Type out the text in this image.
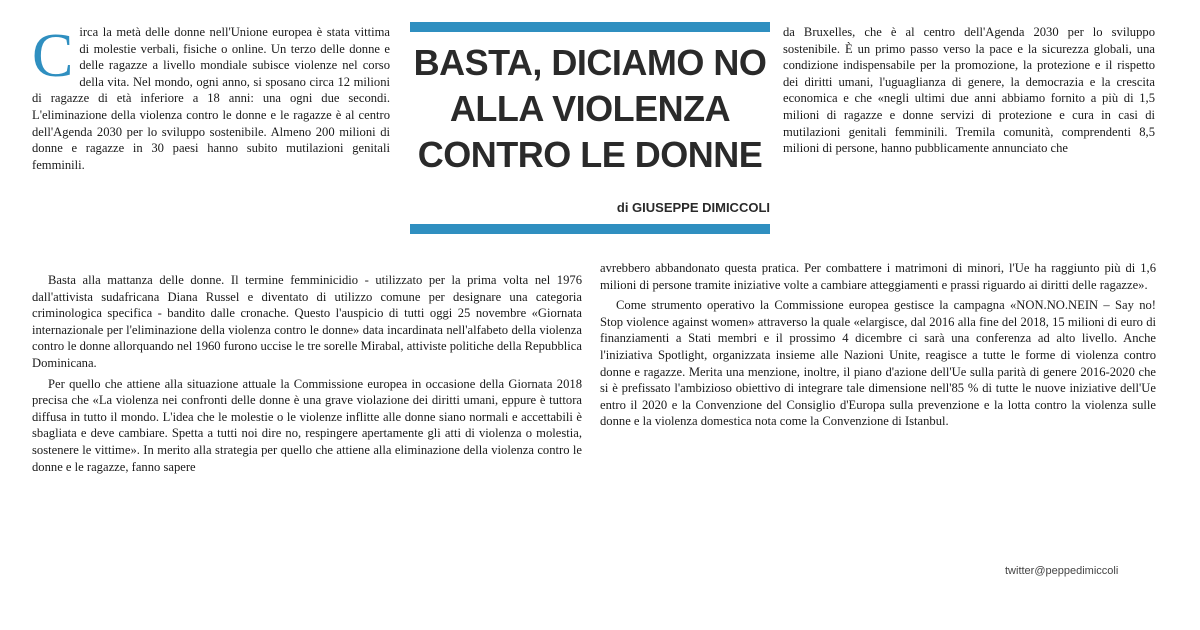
Circa la metà delle donne nell'Unione europea è stata vittima di molestie verbali, fisiche o online. Un terzo delle donne e delle ragazze a livello mondiale subisce violenze nel corso della vita. Nel mondo, ogni anno, si sposano circa 12 milioni di ragazze di età inferiore a 18 anni: una ogni due secondi. L'eliminazione della violenza contro le donne e le ragazze è al centro dell'Agenda 2030 per lo sviluppo sostenibile. Almeno 200 milioni di donne e ragazze in 30 paesi hanno subito mutilazioni genitali femminili.

BASTA, DICIAMO NO
ALLA VIOLENZA
CONTRO LE DONNE

di GIUSEPPE DIMICCOLI

da Bruxelles, che è al centro dell'Agenda 2030 per lo sviluppo sostenibile. È un primo passo verso la pace e la sicurezza globali, una condizione indispensabile per la promozione, la protezione e il rispetto dei diritti umani, l'uguaglianza di genere, la democrazia e la crescita economica e che «negli ultimi due anni abbiamo fornito a più di 1,5 milioni di ragazze e donne servizi di protezione e cura in casi di mutilazioni genitali femminili. Tremila comunità, comprendenti 8,5 milioni di persone, hanno pubblicamente annunciato che

Basta alla mattanza delle donne. Il termine femminicidio - utilizzato per la prima volta nel 1976 dall'attivista sudafricana Diana Russel e diventato di utilizzo comune per designare una categoria criminologica specifica - bandito dalle cronache. Questo l'auspicio di tutti oggi 25 novembre «Giornata internazionale per l'eliminazione della violenza contro le donne» data incardinata nell'alfabeto della violenza contro le donne allorquando nel 1960 furono uccise le tre sorelle Mirabal, attiviste politiche della Repubblica Dominicana.

Per quello che attiene alla situazione attuale la Commissione europea in occasione della Giornata 2018 precisa che «La violenza nei confronti delle donne è una grave violazione dei diritti umani, eppure è tuttora diffusa in tutto il mondo. L'idea che le molestie o le violenze inflitte alle donne siano normali e accettabili è sbagliata e deve cambiare. Spetta a tutti noi dire no, respingere apertamente gli atti di violenza o molestia, sostenere le vittime». In merito alla strategia per quello che attiene alla eliminazione della violenza contro le donne e le ragazze, fanno sapere

avrebbero abbandonato questa pratica. Per combattere i matrimoni di minori, l'Ue ha raggiunto più di 1,6 milioni di persone tramite iniziative volte a cambiare atteggiamenti e prassi riguardo ai diritti delle ragazze».

Come strumento operativo la Commissione europea gestisce la campagna «NON.NO.NEIN – Say no! Stop violence against women» attraverso la quale «elargisce, dal 2016 alla fine del 2018, 15 milioni di euro di finanziamenti a Stati membri e il prossimo 4 dicembre ci sarà una conferenza ad alto livello. Anche l'iniziativa Spotlight, organizzata insieme alle Nazioni Unite, reagisce a tutte le forme di violenza contro donne e ragazze. Merita una menzione, inoltre, il piano d'azione dell'Ue sulla parità di genere 2016-2020 che si è prefissato l'ambizioso obiettivo di integrare tale dimensione nell'85 % di tutte le nuove iniziative dell'Ue entro il 2020 e la Convenzione del Consiglio d'Europa sulla prevenzione e la lotta contro la violenza sulle donne e la violenza domestica nota come la Convenzione di Istanbul.

twitter@peppedimiccoli
